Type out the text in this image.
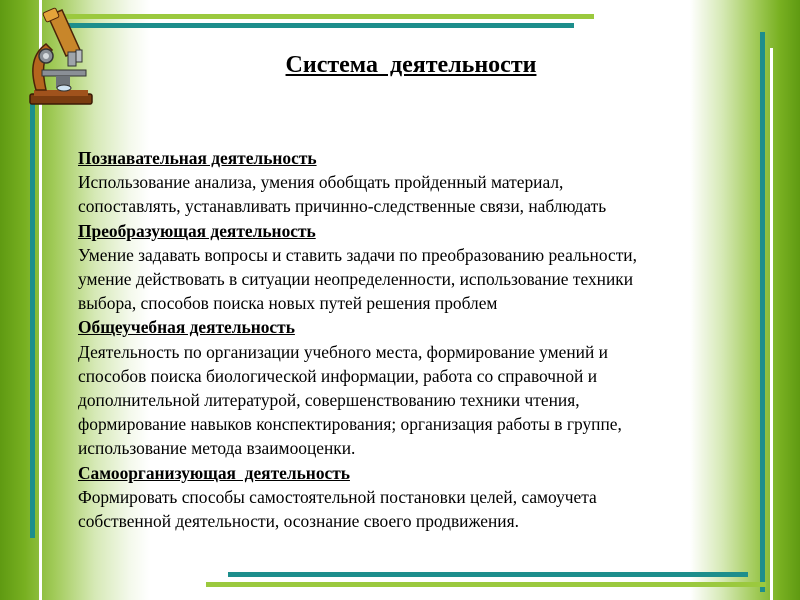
Система  деятельности

Познавательная деятельность

Использование анализа, умения обобщать пройденный материал,
сопоставлять, устанавливать причинно-следственные связи, наблюдать

Преобразующая деятельность

Умение задавать вопросы и ставить задачи по преобразованию реальности,
умение действовать в ситуации неопределенности, использование техники
выбора, способов поиска новых путей решения проблем

Общеучебная деятельность

Деятельность по организации учебного места, формирование умений и
способов поиска биологической информации, работа со справочной и
дополнительной литературой, совершенствованию техники чтения,
формирование навыков конспектирования; организация работы в группе,
использование метода взаимооценки.

Самоорганизующая  деятельность

Формировать способы самостоятельной постановки целей, самоучета
собственной деятельности, осознание своего продвижения.
